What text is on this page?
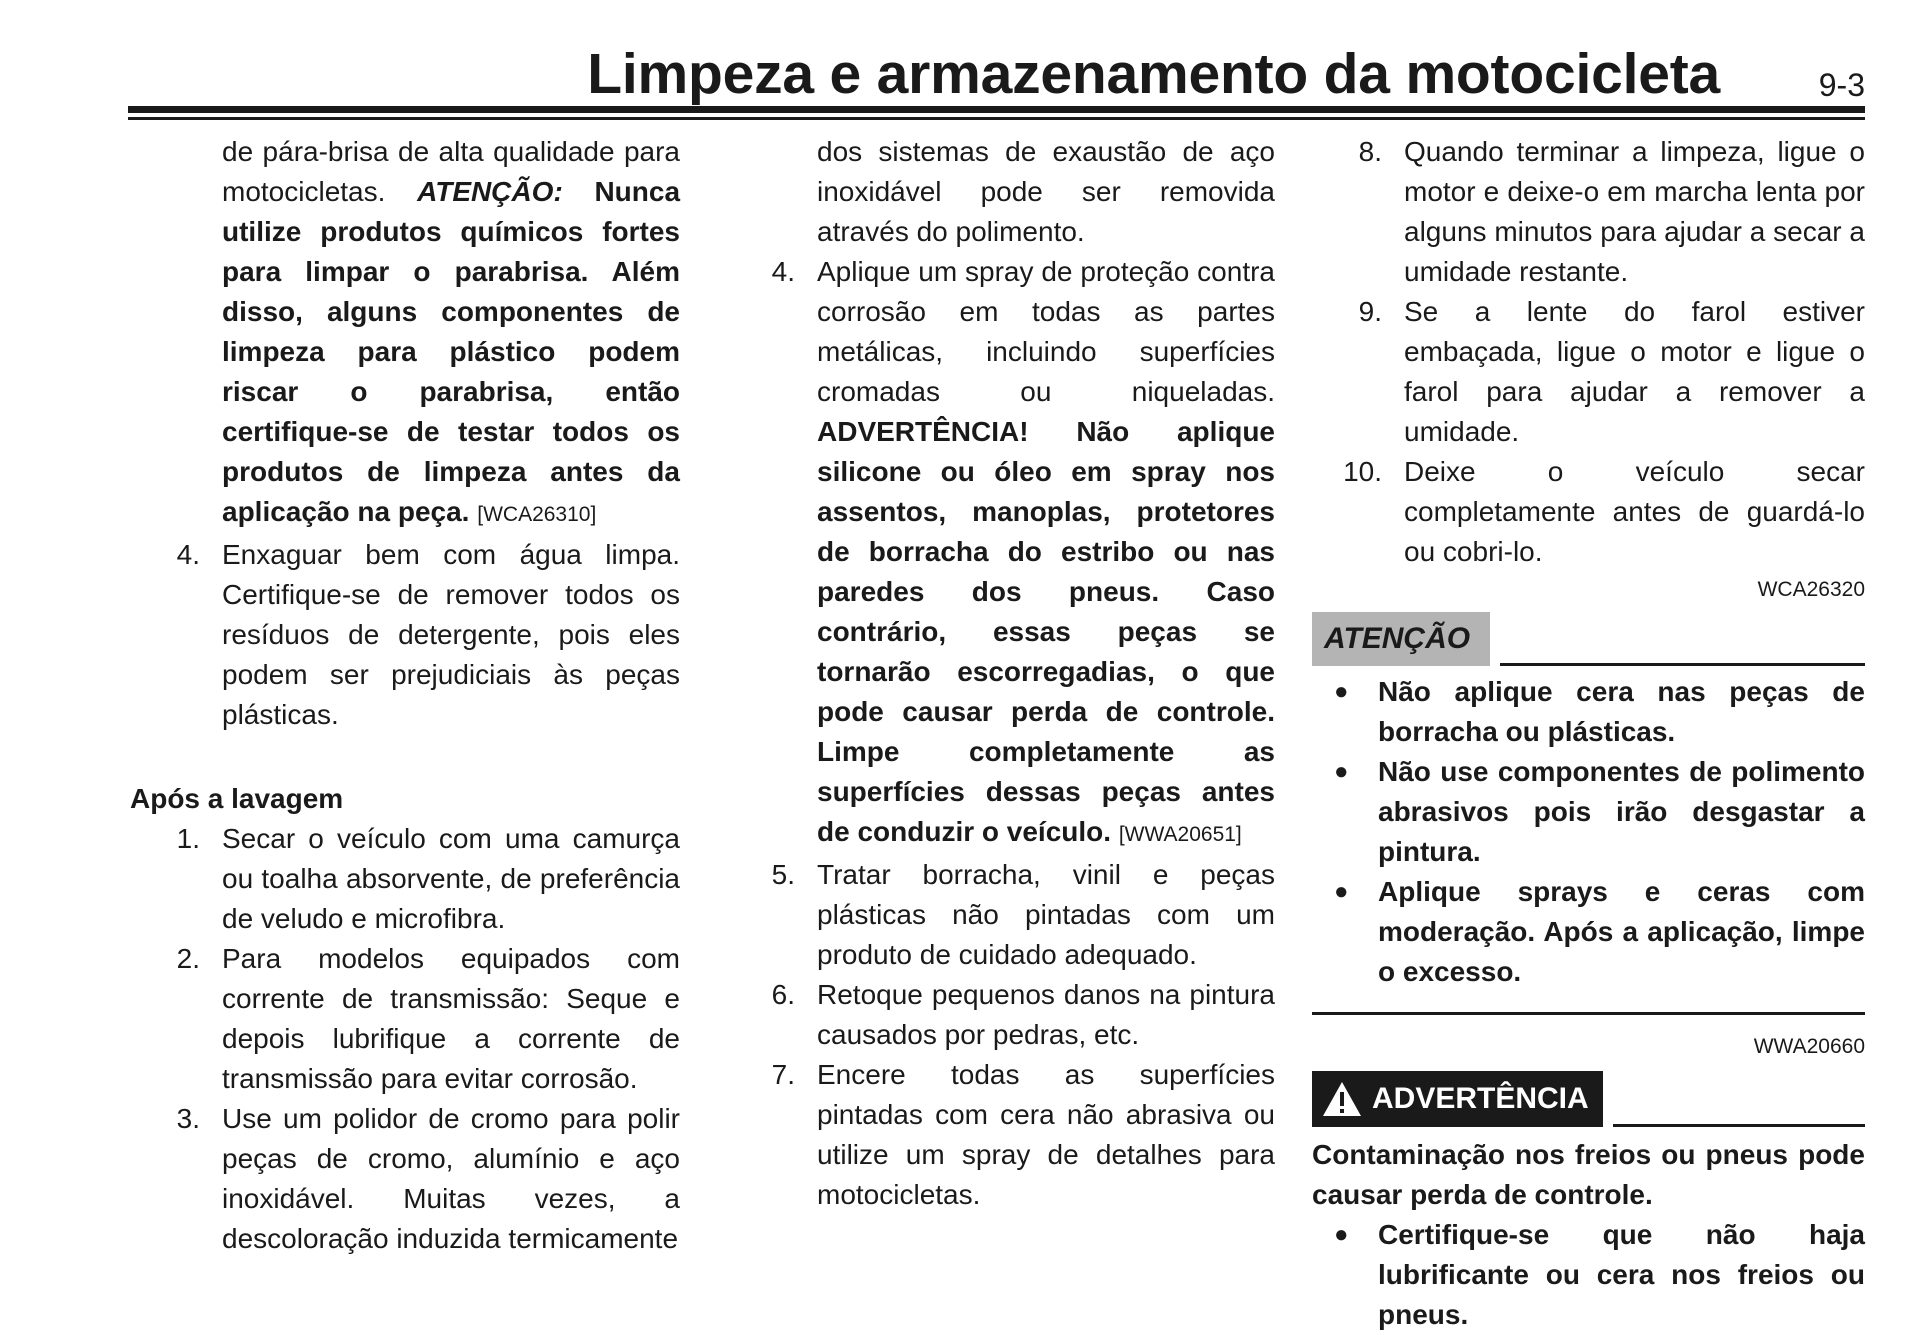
Limpeza e armazenamento da motocicleta	9-3
de pára-brisa de alta qualidade para motocicletas. ATENÇÃO: Nunca utilize produtos químicos fortes para limpar o parabrisa. Além disso, alguns componentes de limpeza para plástico podem riscar o parabrisa, então certifique-se de testar todos os produtos de limpeza antes da aplicação na peça. [WCA26310]
4. Enxaguar bem com água limpa. Certifique-se de remover todos os resíduos de detergente, pois eles podem ser prejudiciais às peças plásticas.

Após a lavagem

1. Secar o veículo com uma camurça ou toalha absorvente, de preferência de veludo e microfibra.
2. Para modelos equipados com corrente de transmissão: Seque e depois lubrifique a corrente de transmissão para evitar corrosão.
3. Use um polidor de cromo para polir peças de cromo, alumínio e aço inoxidável. Muitas vezes, a descoloração induzida termicamente
dos sistemas de exaustão de aço inoxidável pode ser removida através do polimento.
4. Aplique um spray de proteção contra corrosão em todas as partes metálicas, incluindo superfícies cromadas ou niqueladas. ADVERTÊNCIA! Não aplique silicone ou óleo em spray nos assentos, manoplas, protetores de borracha do estribo ou nas paredes dos pneus. Caso contrário, essas peças se tornarão escorregadias, o que pode causar perda de controle. Limpe completamente as superfícies dessas peças antes de conduzir o veículo. [WWA20651]
5. Tratar borracha, vinil e peças plásticas não pintadas com um produto de cuidado adequado.
6. Retoque pequenos danos na pintura causados por pedras, etc.
7. Encere todas as superfícies pintadas com cera não abrasiva ou utilize um spray de detalhes para motocicletas.
8. Quando terminar a limpeza, ligue o motor e deixe-o em marcha lenta por alguns minutos para ajudar a secar a umidade restante.
9. Se a lente do farol estiver embaçada, ligue o motor e ligue o farol para ajudar a remover a umidade.
10. Deixe o veículo secar completamente antes de guardá-lo ou cobri-lo.
WCA26320
ATENÇÃO
●	Não aplique cera nas peças de borracha ou plásticas.
●	Não use componentes de polimento abrasivos pois irão desgastar a pintura.
●	Aplique sprays e ceras com moderação. Após a aplicação, limpe o excesso.
WWA20660
ADVERTÊNCIA

Contaminação nos freios ou pneus pode causar perda de controle.

●	Certifique-se que não haja lubrificante ou cera nos freios ou pneus.
